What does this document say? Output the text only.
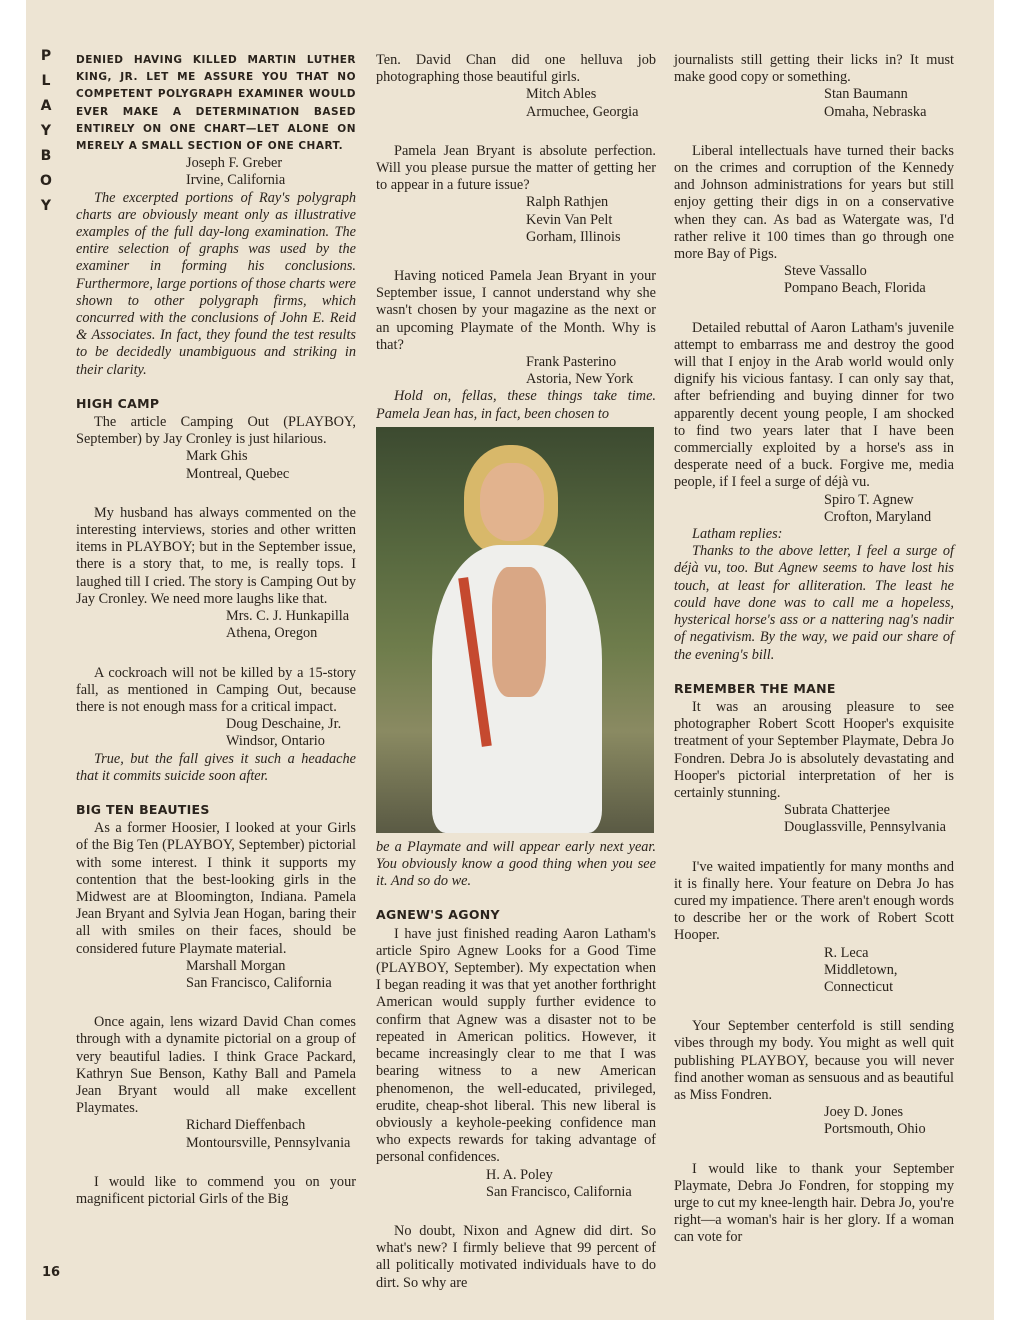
P
L
A
Y
B
O
Y
16

DENIED HAVING KILLED MARTIN LUTHER KING, JR. LET ME ASSURE YOU THAT NO COMPETENT POLYGRAPH EXAMINER WOULD EVER MAKE A DETERMINATION BASED ENTIRELY ON ONE CHART—LET ALONE ON MERELY A SMALL SECTION OF ONE CHART.

Joseph F. Greber

Irvine, California

The excerpted portions of Ray's polygraph charts are obviously meant only as illustrative examples of the full day-long examination. The entire selection of graphs was used by the examiner in forming his conclusions. Furthermore, large portions of those charts were shown to other polygraph firms, which concurred with the conclusions of John E. Reid & Associates. In fact, they found the test results to be decidedly unambiguous and striking in their clarity.

HIGH CAMP

The article Camping Out (PLAYBOY, September) by Jay Cronley is just hilarious.

Mark Ghis

Montreal, Quebec

My husband has always commented on the interesting interviews, stories and other written items in PLAYBOY; but in the September issue, there is a story that, to me, is really tops. I laughed till I cried. The story is Camping Out by Jay Cronley. We need more laughs like that.

Mrs. C. J. Hunkapilla

Athena, Oregon

A cockroach will not be killed by a 15-story fall, as mentioned in Camping Out, because there is not enough mass for a critical impact.

Doug Deschaine, Jr.

Windsor, Ontario

True, but the fall gives it such a headache that it commits suicide soon after.

BIG TEN BEAUTIES

As a former Hoosier, I looked at your Girls of the Big Ten (PLAYBOY, September) pictorial with some interest. I think it supports my contention that the best-looking girls in the Midwest are at Bloomington, Indiana. Pamela Jean Bryant and Sylvia Jean Hogan, baring their all with smiles on their faces, should be considered future Playmate material.

Marshall Morgan

San Francisco, California

Once again, lens wizard David Chan comes through with a dynamite pictorial on a group of very beautiful ladies. I think Grace Packard, Kathryn Sue Benson, Kathy Ball and Pamela Jean Bryant would all make excellent Playmates.

Richard Dieffenbach

Montoursville, Pennsylvania

I would like to commend you on your magnificent pictorial Girls of the Big

Ten. David Chan did one helluva job photographing those beautiful girls.

Mitch Ables

Armuchee, Georgia

Pamela Jean Bryant is absolute perfection. Will you please pursue the matter of getting her to appear in a future issue?

Ralph Rathjen

Kevin Van Pelt

Gorham, Illinois

Having noticed Pamela Jean Bryant in your September issue, I cannot understand why she wasn't chosen by your magazine as the next or an upcoming Playmate of the Month. Why is that?

Frank Pasterino

Astoria, New York

Hold on, fellas, these things take time. Pamela Jean has, in fact, been chosen to

be a Playmate and will appear early next year. You obviously know a good thing when you see it. And so do we.

AGNEW'S AGONY

I have just finished reading Aaron Latham's article Spiro Agnew Looks for a Good Time (PLAYBOY, September). My expectation when I began reading it was that yet another forthright American would supply further evidence to confirm that Agnew was a disaster not to be repeated in American politics. However, it became increasingly clear to me that I was bearing witness to a new American phenomenon, the well-educated, privileged, erudite, cheap-shot liberal. This new liberal is obviously a keyhole-peeking confidence man who expects rewards for taking advantage of personal confidences.

H. A. Poley

San Francisco, California

No doubt, Nixon and Agnew did dirt. So what's new? I firmly believe that 99 percent of all politically motivated individuals have to do dirt. So why are

journalists still getting their licks in? It must make good copy or something.

Stan Baumann

Omaha, Nebraska

Liberal intellectuals have turned their backs on the crimes and corruption of the Kennedy and Johnson administrations for years but still enjoy getting their digs in on a conservative when they can. As bad as Watergate was, I'd rather relive it 100 times than go through one more Bay of Pigs.

Steve Vassallo

Pompano Beach, Florida

Detailed rebuttal of Aaron Latham's juvenile attempt to embarrass me and destroy the good will that I enjoy in the Arab world would only dignify his vicious fantasy. I can only say that, after befriending and buying dinner for two apparently decent young people, I am shocked to find two years later that I have been commercially exploited by a horse's ass in desperate need of a buck. Forgive me, media people, if I feel a surge of déjà vu.

Spiro T. Agnew

Crofton, Maryland

Latham replies:

Thanks to the above letter, I feel a surge of déjà vu, too. But Agnew seems to have lost his touch, at least for alliteration. The least he could have done was to call me a hopeless, hysterical horse's ass or a nattering nag's nadir of negativism. By the way, we paid our share of the evening's bill.

REMEMBER THE MANE

It was an arousing pleasure to see photographer Robert Scott Hooper's exquisite treatment of your September Playmate, Debra Jo Fondren. Debra Jo is absolutely devastating and Hooper's pictorial interpretation of her is certainly stunning.

Subrata Chatterjee

Douglassville, Pennsylvania

I've waited impatiently for many months and it is finally here. Your feature on Debra Jo has cured my impatience. There aren't enough words to describe her or the work of Robert Scott Hooper.

R. Leca

Middletown, Connecticut

Your September centerfold is still sending vibes through my body. You might as well quit publishing PLAYBOY, because you will never find another woman as sensuous and as beautiful as Miss Fondren.

Joey D. Jones

Portsmouth, Ohio

I would like to thank your September Playmate, Debra Jo Fondren, for stopping my urge to cut my knee-length hair. Debra Jo, you're right—a woman's hair is her glory. If a woman can vote for
